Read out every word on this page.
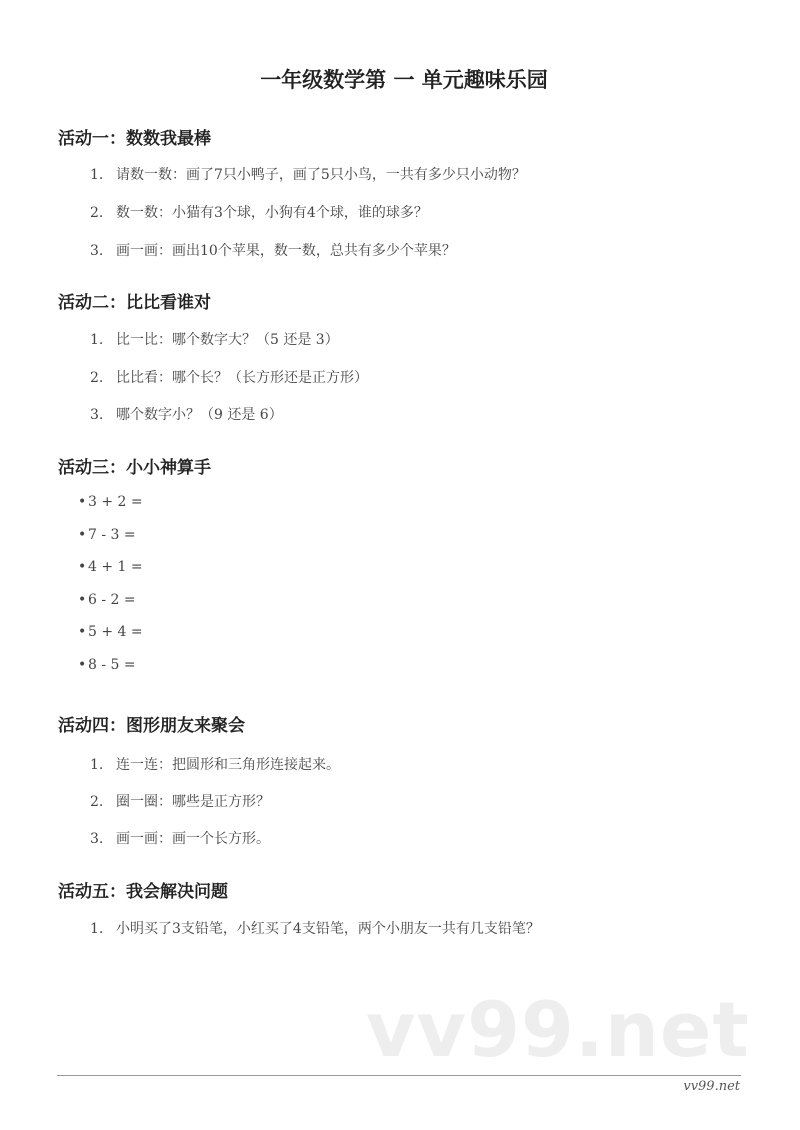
一年级数学第 一 单元趣味乐园
活动一：数数我最棒
1. 请数一数：画了7只小鸭子，画了5只小鸟，一共有多少只小动物？
2. 数一数：小猫有3个球，小狗有4个球，谁的球多？
3. 画一画：画出10个苹果，数一数，总共有多少个苹果？
活动二：比比看谁对
1. 比一比：哪个数字大？（5 还是 3）
2. 比比看：哪个长？（长方形还是正方形）
3. 哪个数字小？（9 还是 6）
活动三：小小神算手
• 3 + 2 =
• 7 - 3 =
• 4 + 1 =
• 6 - 2 =
• 5 + 4 =
• 8 - 5 =
活动四：图形朋友来聚会
1. 连一连：把圆形和三角形连接起来。
2. 圈一圈：哪些是正方形？
3. 画一画：画一个长方形。
活动五：我会解决问题
1. 小明买了3支铅笔，小红买了4支铅笔，两个小朋友一共有几支铅笔？
vv99.net
vv99.net
